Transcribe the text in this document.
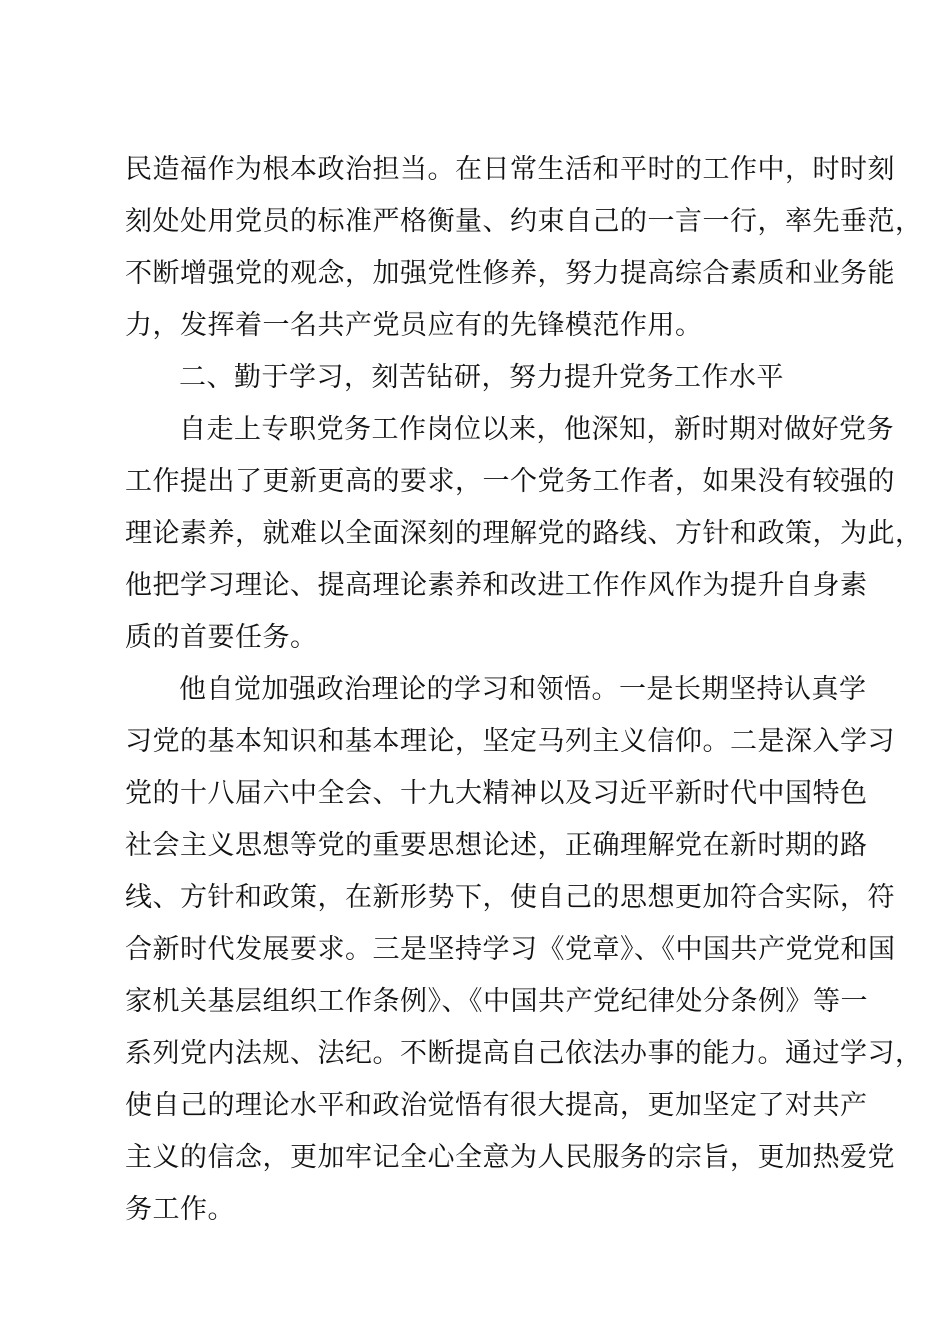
民造福作为根本政治担当。在日常生活和平时的工作中，时时刻
刻处处用党员的标准严格衡量、约束自己的一言一行，率先垂范，
不断增强党的观念，加强党性修养，努力提高综合素质和业务能
力，发挥着一名共产党员应有的先锋模范作用。
二、勤于学习，刻苦钻研，努力提升党务工作水平
自走上专职党务工作岗位以来，他深知，新时期对做好党务
工作提出了更新更高的要求，一个党务工作者，如果没有较强的
理论素养，就难以全面深刻的理解党的路线、方针和政策，为此，
他把学习理论、提高理论素养和改进工作作风作为提升自身素
质的首要任务。
他自觉加强政治理论的学习和领悟。一是长期坚持认真学
习党的基本知识和基本理论，坚定马列主义信仰。二是深入学习
党的十八届六中全会、十九大精神以及习近平新时代中国特色
社会主义思想等党的重要思想论述，正确理解党在新时期的路
线、方针和政策，在新形势下，使自己的思想更加符合实际，符
合新时代发展要求。三是坚持学习《党章》、《中国共产党党和国
家机关基层组织工作条例》、《中国共产党纪律处分条例》等一
系列党内法规、法纪。不断提高自己依法办事的能力。通过学习，
使自己的理论水平和政治觉悟有很大提高，更加坚定了对共产
主义的信念，更加牢记全心全意为人民服务的宗旨，更加热爱党
务工作。
